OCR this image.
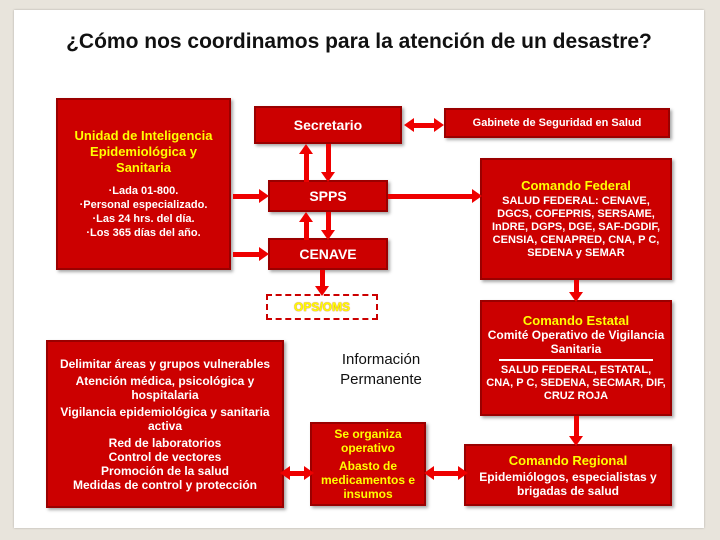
¿Cómo nos coordinamos para la atención de un desastre?
Unidad de Inteligencia Epidemiológica y Sanitaria
·Lada 01-800.
·Personal especializado.
·Las 24 hrs. del día.
·Los 365 días del año.
Secretario	Gabinete de Seguridad en Salud
SPPS
CENAVE
OPS/OMS
Comando Federal
SALUD FEDERAL: CENAVE, DGCS, COFEPRIS, SERSAME, InDRE, DGPS, DGE, SAF-DGDIF, CENSIA, CENAPRED, CNA, P C, SEDENA y SEMAR
Comando Estatal
Comité Operativo de Vigilancia Sanitaria
SALUD FEDERAL, ESTATAL, CNA, P C, SEDENA, SECMAR, DIF, CRUZ ROJA
Comando Regional
Epidemiólogos, especialistas y brigadas de salud
Delimitar áreas y grupos vulnerables
Atención médica, psicológica y hospitalaria
Vigilancia epidemiológica y sanitaria activa
Red de laboratorios
Control de vectores
Promoción de la salud
Medidas de control y protección
Se organiza operativo
Abasto de medicamentos e insumos
Información Permanente
